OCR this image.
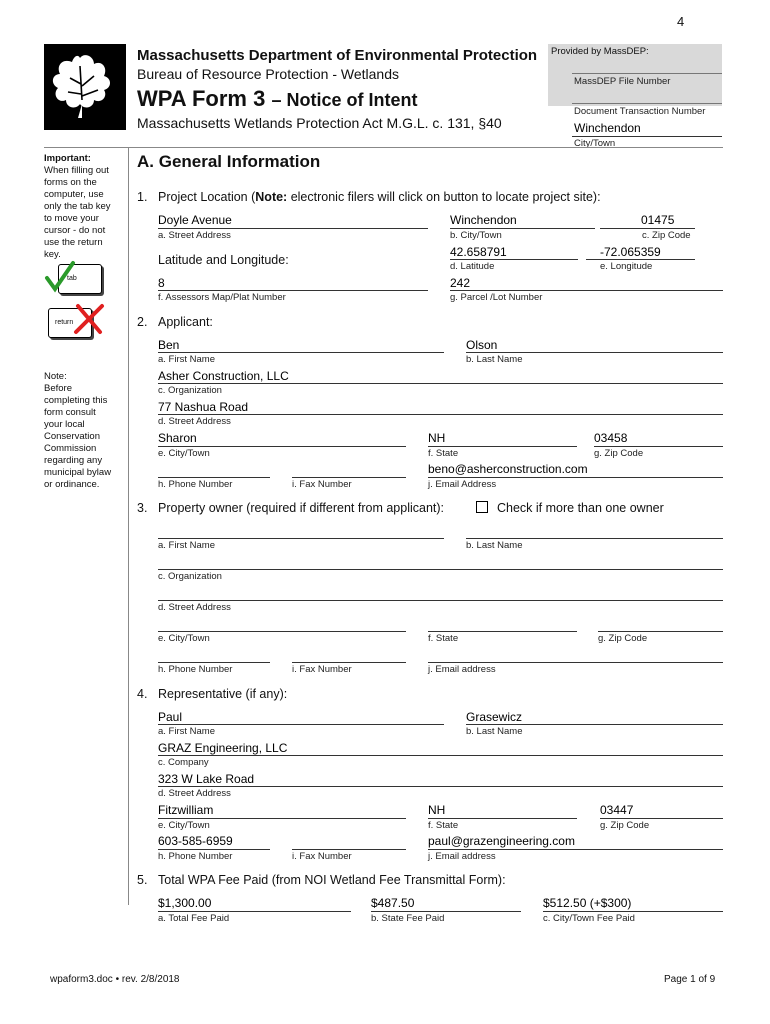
4
Massachusetts Department of Environmental Protection
Bureau of Resource Protection - Wetlands
WPA Form 3 – Notice of Intent
Massachusetts Wetlands Protection Act M.G.L. c. 131, §40
Provided by MassDEP:
MassDEP File Number
Document Transaction Number
Winchendon
City/Town
Important:
When filling out
forms on the
computer, use
only the tab key
to move your
cursor - do not
use the return
key.
tab
return
Note:
Before
completing this
form consult
your local
Conservation
Commission
regarding any
municipal bylaw
or ordinance.
A. General Information
1. Project Location (Note: electronic filers will click on button to locate project site):
Doyle Avenue
a. Street Address
Winchendon
b. City/Town
01475
c. Zip Code
Latitude and Longitude:
42.658791
d. Latitude
-72.065359
e. Longitude
8
f. Assessors Map/Plat Number
242
g. Parcel /Lot Number
2. Applicant:
Ben
a. First Name
Olson
b. Last Name
Asher Construction, LLC
c. Organization
77 Nashua Road
d. Street Address
Sharon
e. City/Town
NH
f. State
03458
g. Zip Code
h. Phone Number	i. Fax Number
beno@asherconstruction.com
j. Email Address
3. Property owner (required if different from applicant):	Check if more than one owner
a. First Name	b. Last Name
c. Organization
d. Street Address
e. City/Town	f. State	g. Zip Code
h. Phone Number	i. Fax Number	j. Email address
4. Representative (if any):
Paul
a. First Name
Grasewicz
b. Last Name
GRAZ Engineering, LLC
c. Company
323 W Lake Road
d. Street Address
Fitzwilliam
e. City/Town
NH
f. State
03447
g. Zip Code
603-585-6959
h. Phone Number	i. Fax Number
paul@grazengineering.com
j. Email address
5. Total WPA Fee Paid (from NOI Wetland Fee Transmittal Form):
$1,300.00
a. Total Fee Paid
$487.50
b. State Fee Paid
$512.50 (+$300)
c. City/Town Fee Paid
wpaform3.doc • rev. 2/8/2018	Page 1 of 9
